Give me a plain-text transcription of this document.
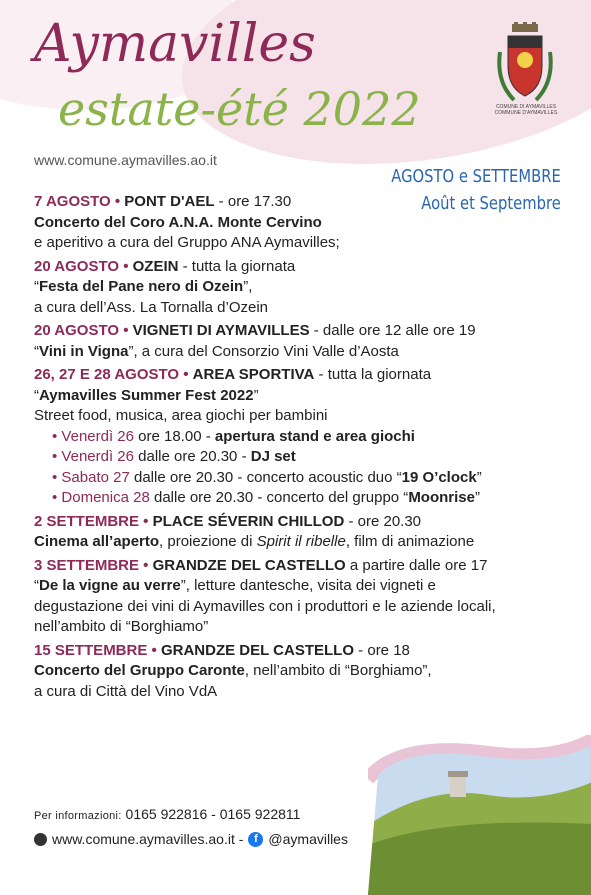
Aymavilles
estate-été 2022
www.comune.aymavilles.ao.it
COMUNE DI AYMAVILLES COMMUNE D'AYMAVILLES
AGOSTO e SETTEMBRE
Août et Septembre
7 AGOSTO • PONT D'AEL - ore 17.30
Concerto del Coro A.N.A. Monte Cervino
e aperitivo a cura del Gruppo ANA Aymavilles;
20 AGOSTO • OZEIN - tutta la giornata
“Festa del Pane nero di Ozein”,
a cura dell’Ass. La Tornalla d’Ozein
20 AGOSTO • VIGNETI DI AYMAVILLES - dalle ore 12 alle ore 19
“Vini in Vigna”, a cura del Consorzio Vini Valle d’Aosta
26, 27 E 28 AGOSTO • AREA SPORTIVA - tutta la giornata
“Aymavilles Summer Fest 2022”
Street food, musica, area giochi per bambini
• Venerdì 26 ore 18.00 - apertura stand e area giochi
• Venerdì 26 dalle ore 20.30 - DJ set
• Sabato 27 dalle ore 20.30 - concerto acoustic duo “19 O’clock”
• Domenica 28 dalle ore 20.30 - concerto del gruppo “Moonrise”
2 SETTEMBRE • PLACE SÉVERIN CHILLOD - ore 20.30
Cinema all’aperto, proiezione di Spirit il ribelle, film di animazione
3 SETTEMBRE • GRANDZE DEL CASTELLO a partire dalle ore 17
“De la vigne au verre”, letture dantesche, visita dei vigneti e
degustazione dei vini di Aymavilles con i produttori e le aziende locali,
nell’ambito di “Borghiamo”
15 SETTEMBRE • GRANDZE DEL CASTELLO - ore 18
Concerto del Gruppo Caronte, nell’ambito di “Borghiamo”,
a cura di Città del Vino VdA
Per informazioni: 0165 922816 - 0165 922811
www.comune.aymavilles.ao.it - f @aymavilles
